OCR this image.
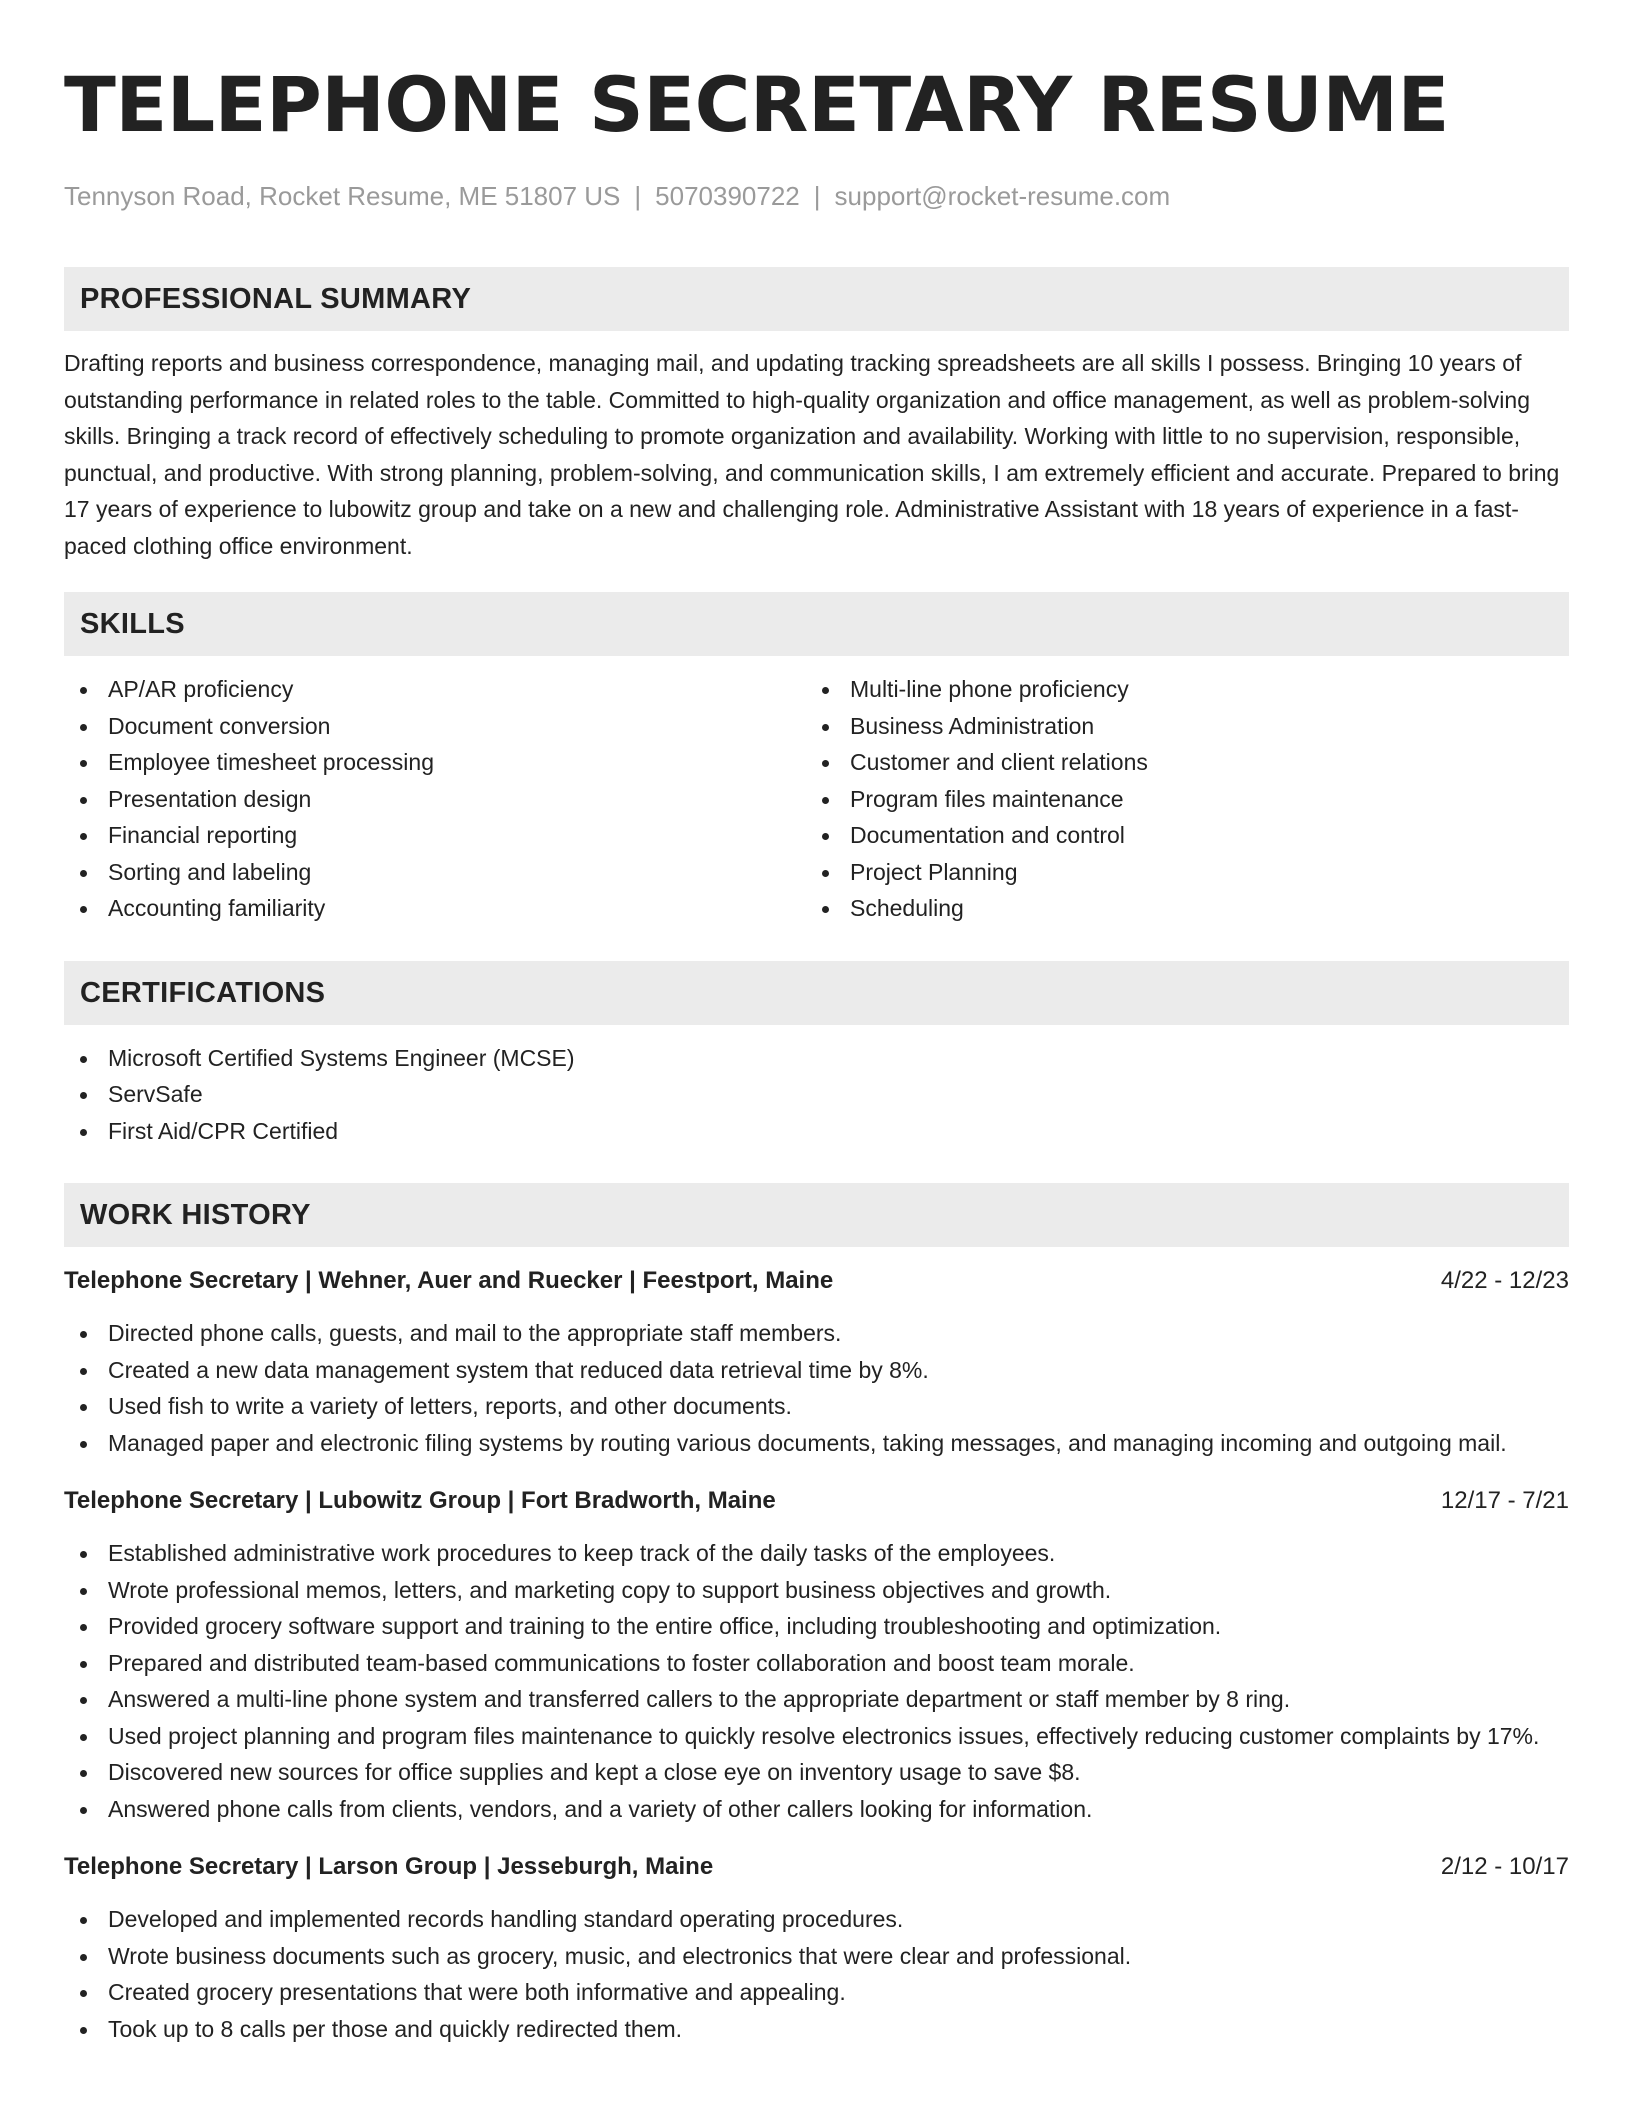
TELEPHONE SECRETARY RESUME
Tennyson Road, Rocket Resume, ME 51807 US | 5070390722 | support@rocket-resume.com
PROFESSIONAL SUMMARY
Drafting reports and business correspondence, managing mail, and updating tracking spreadsheets are all skills I possess. Bringing 10 years of outstanding performance in related roles to the table. Committed to high-quality organization and office management, as well as problem-solving skills. Bringing a track record of effectively scheduling to promote organization and availability. Working with little to no supervision, responsible, punctual, and productive. With strong planning, problem-solving, and communication skills, I am extremely efficient and accurate. Prepared to bring 17 years of experience to lubowitz group and take on a new and challenging role. Administrative Assistant with 18 years of experience in a fast-paced clothing office environment.
SKILLS
AP/AR proficiency
Document conversion
Employee timesheet processing
Presentation design
Financial reporting
Sorting and labeling
Accounting familiarity
Multi-line phone proficiency
Business Administration
Customer and client relations
Program files maintenance
Documentation and control
Project Planning
Scheduling
CERTIFICATIONS
Microsoft Certified Systems Engineer (MCSE)
ServSafe
First Aid/CPR Certified
WORK HISTORY
Telephone Secretary | Wehner, Auer and Ruecker | Feestport, Maine	4/22 - 12/23
Directed phone calls, guests, and mail to the appropriate staff members.
Created a new data management system that reduced data retrieval time by 8%.
Used fish to write a variety of letters, reports, and other documents.
Managed paper and electronic filing systems by routing various documents, taking messages, and managing incoming and outgoing mail.
Telephone Secretary | Lubowitz Group | Fort Bradworth, Maine	12/17 - 7/21
Established administrative work procedures to keep track of the daily tasks of the employees.
Wrote professional memos, letters, and marketing copy to support business objectives and growth.
Provided grocery software support and training to the entire office, including troubleshooting and optimization.
Prepared and distributed team-based communications to foster collaboration and boost team morale.
Answered a multi-line phone system and transferred callers to the appropriate department or staff member by 8 ring.
Used project planning and program files maintenance to quickly resolve electronics issues, effectively reducing customer complaints by 17%.
Discovered new sources for office supplies and kept a close eye on inventory usage to save $8.
Answered phone calls from clients, vendors, and a variety of other callers looking for information.
Telephone Secretary | Larson Group | Jesseburgh, Maine	2/12 - 10/17
Developed and implemented records handling standard operating procedures.
Wrote business documents such as grocery, music, and electronics that were clear and professional.
Created grocery presentations that were both informative and appealing.
Took up to 8 calls per those and quickly redirected them.
